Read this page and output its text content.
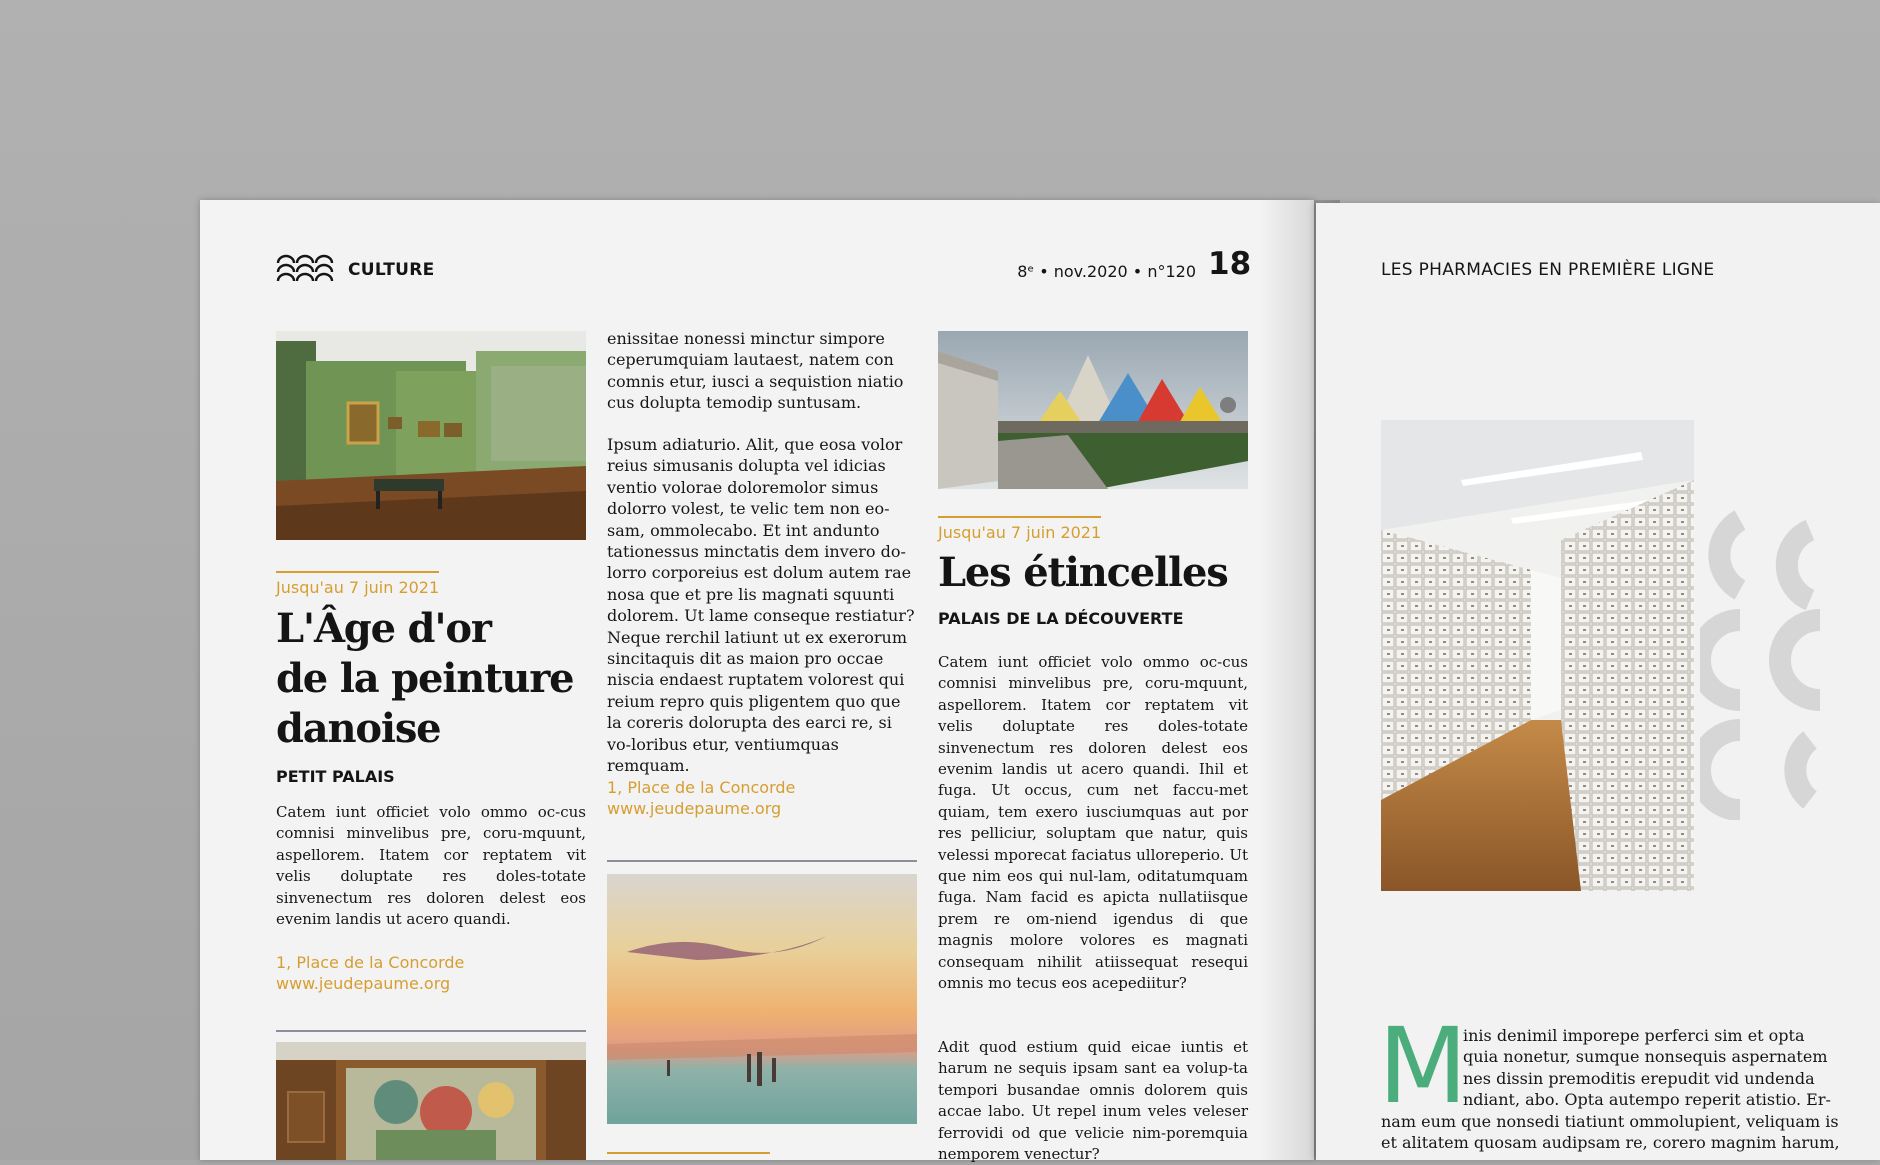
CULTURE	8ᵉ • nov.2020 • n°120 18
Jusqu'au 7 juin 2021
L'Âge d'or
de la peinture
danoise
PETIT PALAIS
Catem iunt officiet volo ommo oc-cus comnisi minvelibus pre, coru-mquunt, aspellorem. Itatem cor reptatem vit velis doluptate res doles-totate sinvenectum res doloren delest eos evenim landis ut acero quandi.
1, Place de la Concorde
www.jeudepaume.org
enissitae nonessi minctur simpore ceperumquiam lautaest, natem con comnis etur, iusci a sequistion niatio cus dolupta temodip suntusam.
Ipsum adiaturio. Alit, que eosa volor reius simusanis dolupta vel idicias ventio volorae doloremolor simus dolorro volest, te velic tem non eo-sam, ommolecabo. Et int andunto tationessus minctatis dem invero do-lorro corporeius est dolum autem rae nosa que et pre lis magnati squunti dolorem. Ut lame conseque restiatur? Neque rerchil latiunt ut ex exerorum sincitaquis dit as maion pro occae niscia endaest ruptatem volorest qui reium repro quis pligentem quo que la coreris dolorupta des earci re, si vo-loribus etur, ventiumquas remquam.
1, Place de la Concorde
www.jeudepaume.org
Jusqu'au 7 juin 2021
Les étincelles
PALAIS DE LA DÉCOUVERTE
Catem iunt officiet volo ommo oc-cus comnisi minvelibus pre, coru-mquunt, aspellorem. Itatem cor reptatem vit velis doluptate res doles-totate sinvenectum res doloren delest eos evenim landis ut acero quandi. Ihil et fuga. Ut occus, cum net faccu-met quiam, tem exero iusciumquas aut por res pelliciur, soluptam que natur, quis velessi mporecat faciatus ulloreperio. Ut que nim eos qui nul-lam, oditatumquam fuga. Nam facid es apicta nullatiisque prem re om-niend igendus di que magnis molore volores es magnati consequam nihilit atiissequat resequi omnis mo tecus eos acepediitur?
Adit quod estium quid eicae iuntis et harum ne sequis ipsam sant ea volup-ta tempori busandae omnis dolorem quis accae labo. Ut repel inum veles veleser ferrovidi od que velicie nim-poremquia nemporem venectur?
LES PHARMACIES EN PREMIÈRE LIGNE
M
inis denimil imporepe perferci sim et opta
quia nonetur, sumque nonsequis aspernatem
nes dissin premoditis erepudit vid undenda
ndiant, abo. Opta autempo reperit atistio. Er-
nam eum que nonsedi tiatiunt ommolupient, veliquam is
et alitatem quosam audipsam re, corero magnim harum,
